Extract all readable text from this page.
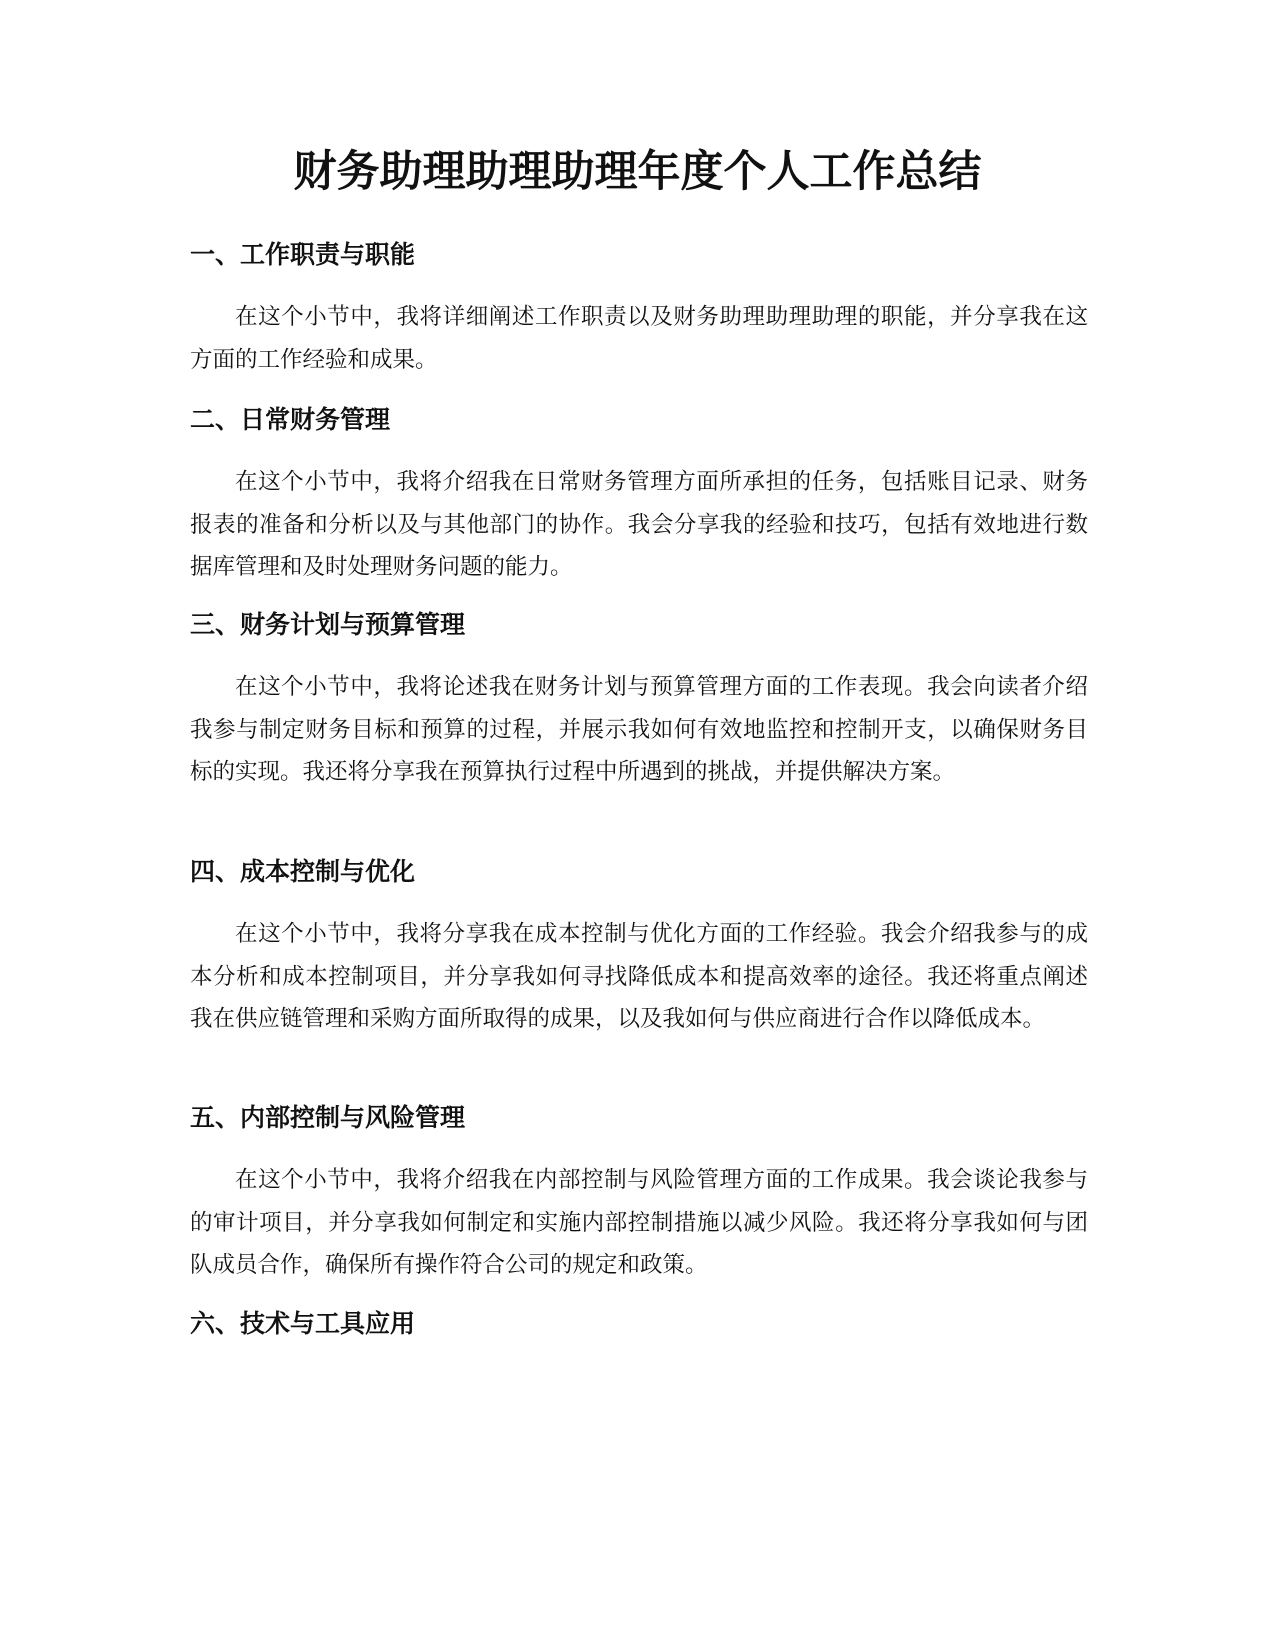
财务助理助理助理年度个人工作总结
一、工作职责与职能

在这个小节中，我将详细阐述工作职责以及财务助理助理助理的职能，并分享我在这方面的工作经验和成果。

二、日常财务管理

在这个小节中，我将介绍我在日常财务管理方面所承担的任务，包括账目记录、财务报表的准备和分析以及与其他部门的协作。我会分享我的经验和技巧，包括有效地进行数据库管理和及时处理财务问题的能力。

三、财务计划与预算管理

在这个小节中，我将论述我在财务计划与预算管理方面的工作表现。我会向读者介绍我参与制定财务目标和预算的过程，并展示我如何有效地监控和控制开支，以确保财务目标的实现。我还将分享我在预算执行过程中所遇到的挑战，并提供解决方案。

四、成本控制与优化

在这个小节中，我将分享我在成本控制与优化方面的工作经验。我会介绍我参与的成本分析和成本控制项目，并分享我如何寻找降低成本和提高效率的途径。我还将重点阐述我在供应链管理和采购方面所取得的成果，以及我如何与供应商进行合作以降低成本。

五、内部控制与风险管理

在这个小节中，我将介绍我在内部控制与风险管理方面的工作成果。我会谈论我参与的审计项目，并分享我如何制定和实施内部控制措施以减少风险。我还将分享我如何与团队成员合作，确保所有操作符合公司的规定和政策。

六、技术与工具应用
